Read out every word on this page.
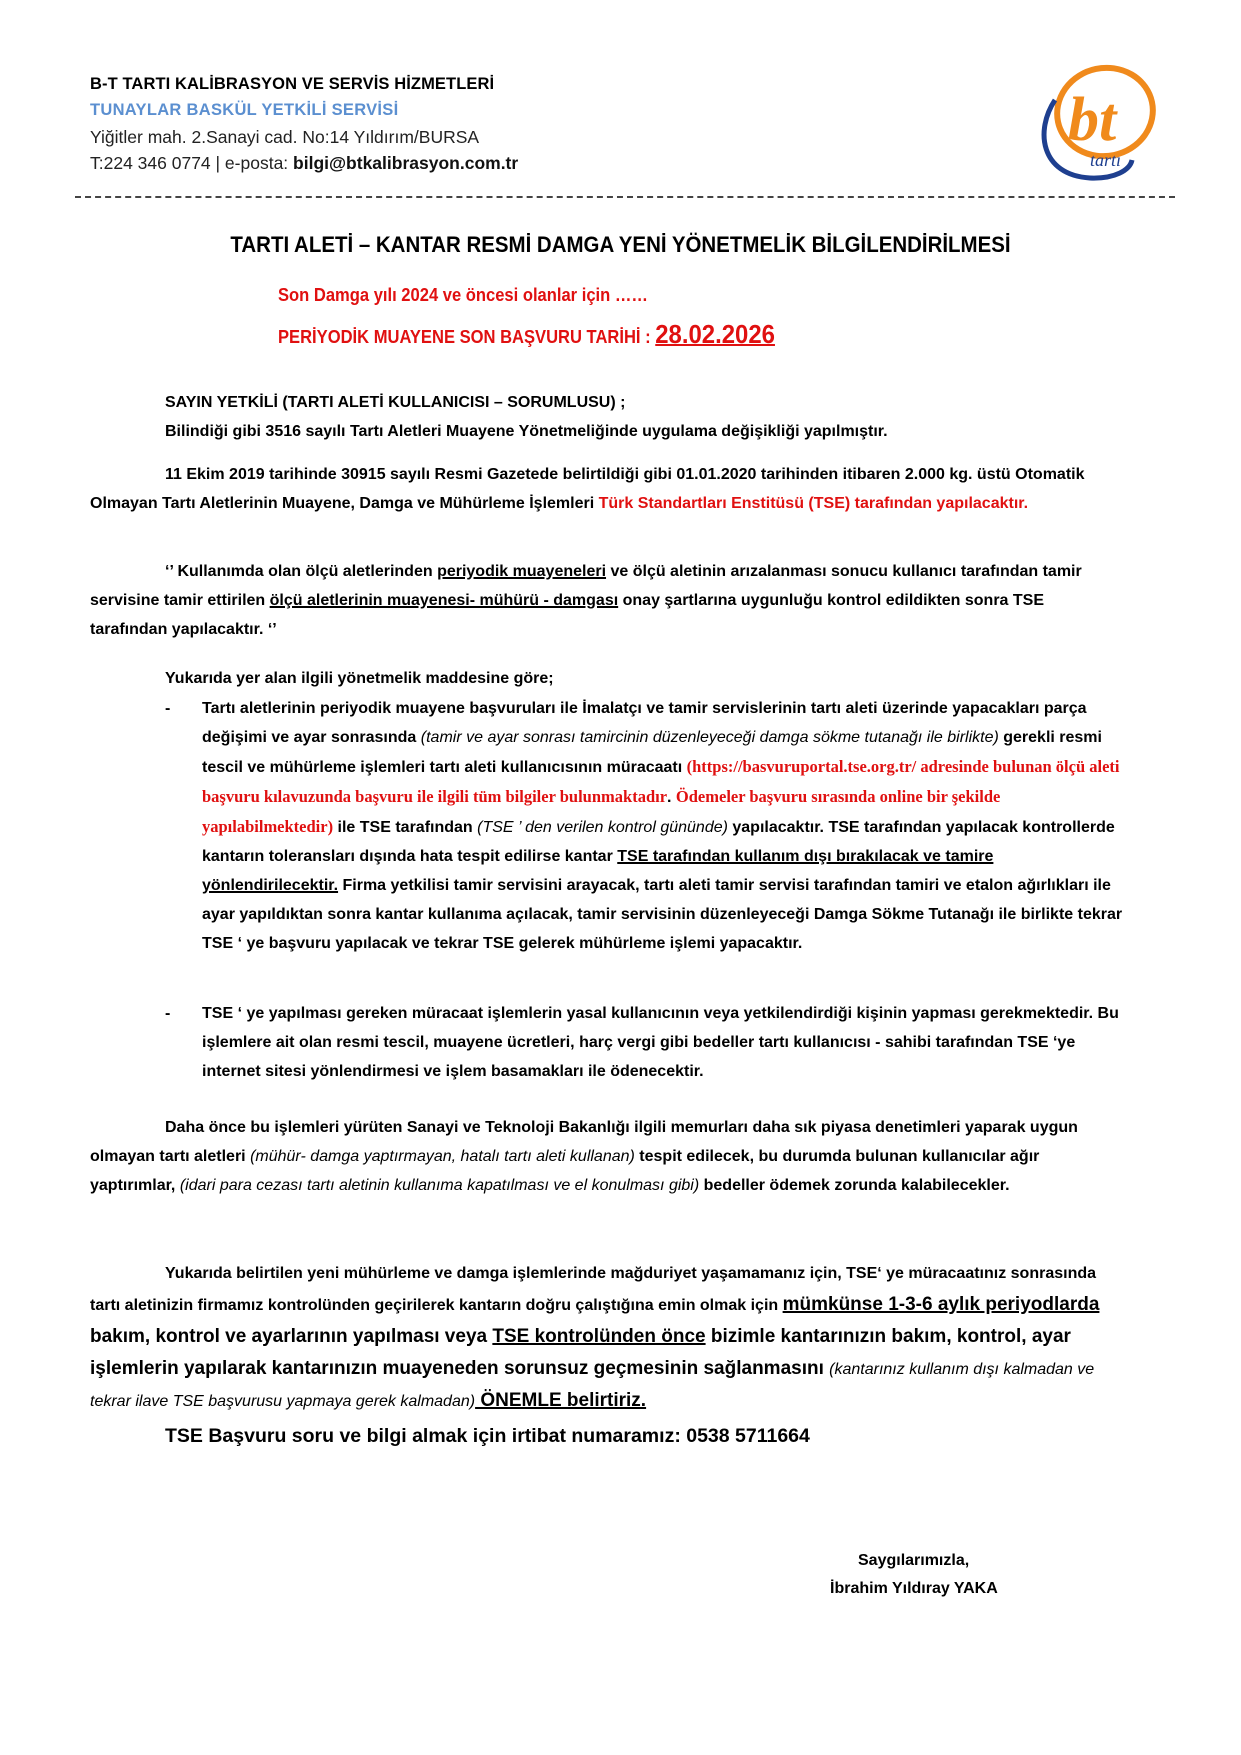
B-T TARTI KALİBRASYON VE SERVİS HİZMETLERİ
TUNAYLAR BASKÜL YETKİLİ SERVİSİ
Yiğitler mah. 2.Sanayi cad. No:14 Yıldırım/BURSA
T:224 346 0774 | e-posta: bilgi@btkalibrasyon.com.tr
bt
tartı
TARTI ALETİ – KANTAR RESMİ DAMGA YENİ YÖNETMELİK BİLGİLENDİRİLMESİ
Son Damga yılı 2024 ve öncesi olanlar için ……
PERİYODİK MUAYENE SON BAŞVURU TARİHİ : 28.02.2026
SAYIN YETKİLİ (TARTI ALETİ KULLANICISI – SORUMLUSU) ;
Bilindiği gibi 3516 sayılı Tartı Aletleri Muayene Yönetmeliğinde uygulama değişikliği yapılmıştır.
11 Ekim 2019 tarihinde 30915 sayılı Resmi Gazetede belirtildiği gibi 01.01.2020 tarihinden itibaren 2.000 kg. üstü Otomatik Olmayan Tartı Aletlerinin Muayene, Damga ve Mühürleme İşlemleri Türk Standartları Enstitüsü (TSE) tarafından yapılacaktır.
‘’ Kullanımda olan ölçü aletlerinden periyodik muayeneleri ve ölçü aletinin arızalanması sonucu kullanıcı tarafından tamir servisine tamir ettirilen ölçü aletlerinin muayenesi- mühürü - damgası onay şartlarına uygunluğu kontrol edildikten sonra TSE tarafından yapılacaktır. ‘’
Yukarıda yer alan ilgili yönetmelik maddesine göre;
- Tartı aletlerinin periyodik muayene başvuruları ile İmalatçı ve tamir servislerinin tartı aleti üzerinde yapacakları parça değişimi ve ayar sonrasında (tamir ve ayar sonrası tamircinin düzenleyeceği damga sökme tutanağı ile birlikte) gerekli resmi tescil ve mühürleme işlemleri tartı aleti kullanıcısının müracaatı (https://basvuruportal.tse.org.tr/ adresinde bulunan ölçü aleti başvuru kılavuzunda başvuru ile ilgili tüm bilgiler bulunmaktadır. Ödemeler başvuru sırasında online bir şekilde yapılabilmektedir) ile TSE tarafından (TSE ’ den verilen kontrol gününde) yapılacaktır. TSE tarafından yapılacak kontrollerde kantarın toleransları dışında hata tespit edilirse kantar TSE tarafından kullanım dışı bırakılacak ve tamire yönlendirilecektir. Firma yetkilisi tamir servisini arayacak, tartı aleti tamir servisi tarafından tamiri ve etalon ağırlıkları ile ayar yapıldıktan sonra kantar kullanıma açılacak, tamir servisinin düzenleyeceği Damga Sökme Tutanağı ile birlikte tekrar TSE ‘ ye başvuru yapılacak ve tekrar TSE gelerek mühürleme işlemi yapacaktır.
- TSE ‘ ye yapılması gereken müracaat işlemlerin yasal kullanıcının veya yetkilendirdiği kişinin yapması gerekmektedir. Bu işlemlere ait olan resmi tescil, muayene ücretleri, harç vergi gibi bedeller tartı kullanıcısı - sahibi tarafından TSE ‘ye internet sitesi yönlendirmesi ve işlem basamakları ile ödenecektir.
Daha önce bu işlemleri yürüten Sanayi ve Teknoloji Bakanlığı ilgili memurları daha sık piyasa denetimleri yaparak uygun olmayan tartı aletleri (mühür- damga yaptırmayan, hatalı tartı aleti kullanan) tespit edilecek, bu durumda bulunan kullanıcılar ağır yaptırımlar, (idari para cezası tartı aletinin kullanıma kapatılması ve el konulması gibi) bedeller ödemek zorunda kalabilecekler.
Yukarıda belirtilen yeni mühürleme ve damga işlemlerinde mağduriyet yaşamamanız için, TSE‘ ye müracaatınız sonrasında tartı aletinizin firmamız kontrolünden geçirilerek kantarın doğru çalıştığına emin olmak için mümkünse 1-3-6 aylık periyodlarda bakım, kontrol ve ayarlarının yapılması veya TSE kontrolünden önce bizimle kantarınızın bakım, kontrol, ayar işlemlerin yapılarak kantarınızın muayeneden sorunsuz geçmesinin sağlanmasını (kantarınız kullanım dışı kalmadan ve tekrar ilave TSE başvurusu yapmaya gerek kalmadan) ÖNEMLE belirtiriz.
TSE Başvuru soru ve bilgi almak için irtibat numaramız: 0538 5711664
Saygılarımızla,
İbrahim Yıldıray YAKA
